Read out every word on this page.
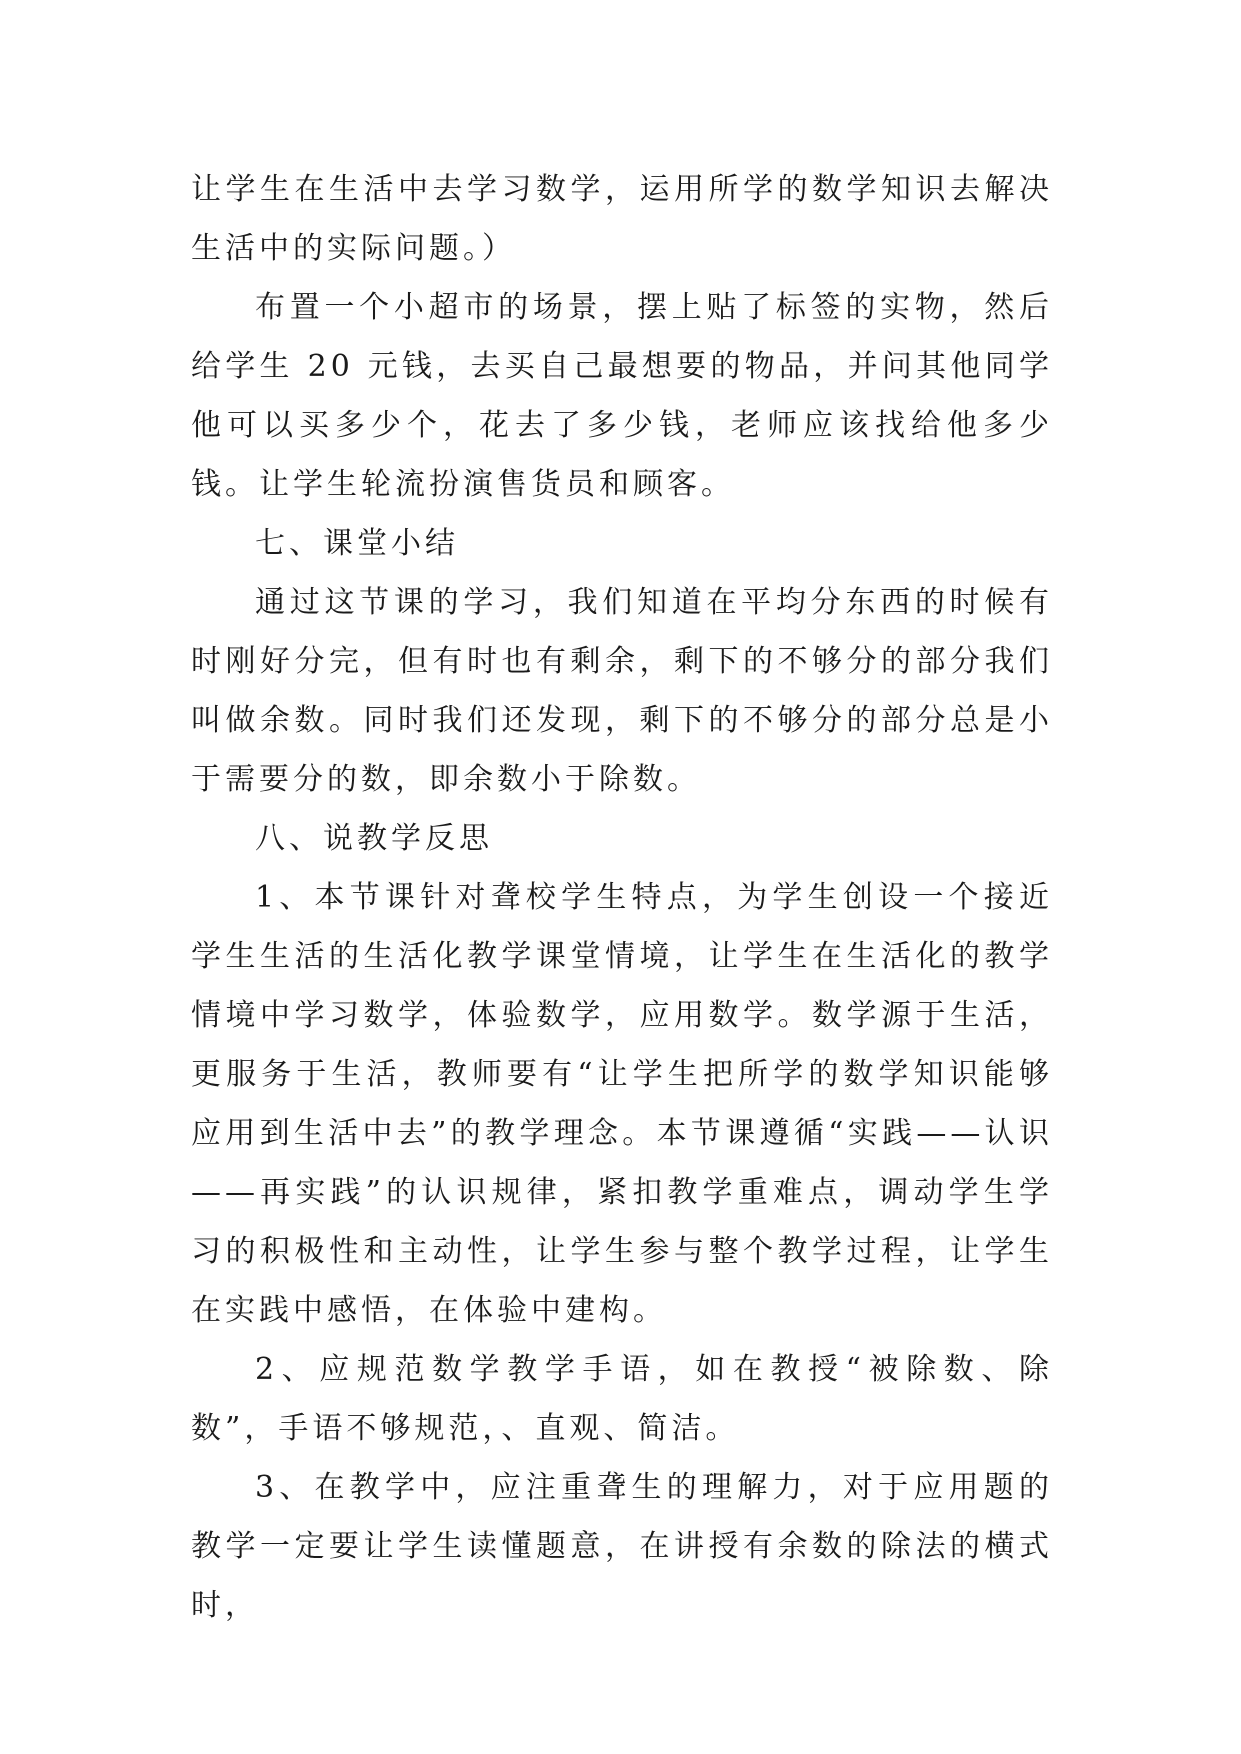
让学生在生活中去学习数学，运用所学的数学知识去解决生活中的实际问题。）

布置一个小超市的场景，摆上贴了标签的实物，然后给学生 20 元钱，去买自己最想要的物品，并问其他同学他可以买多少个，花去了多少钱，老师应该找给他多少钱。让学生轮流扮演售货员和顾客。

七、课堂小结

通过这节课的学习，我们知道在平均分东西的时候有时刚好分完，但有时也有剩余，剩下的不够分的部分我们叫做余数。同时我们还发现，剩下的不够分的部分总是小于需要分的数，即余数小于除数。

八、说教学反思

1、本节课针对聋校学生特点，为学生创设一个接近学生生活的生活化教学课堂情境，让学生在生活化的教学情境中学习数学，体验数学，应用数学。数学源于生活，更服务于生活，教师要有“让学生把所学的数学知识能够应用到生活中去”的教学理念。本节课遵循“实践——认识——再实践”的认识规律，紧扣教学重难点，调动学生学习的积极性和主动性，让学生参与整个教学过程，让学生在实践中感悟，在体验中建构。

2、应规范数学教学手语，如在教授“被除数、除数”，手语不够规范，、直观、简洁。

3、在教学中，应注重聋生的理解力，对于应用题的教学一定要让学生读懂题意，在讲授有余数的除法的横式时，
